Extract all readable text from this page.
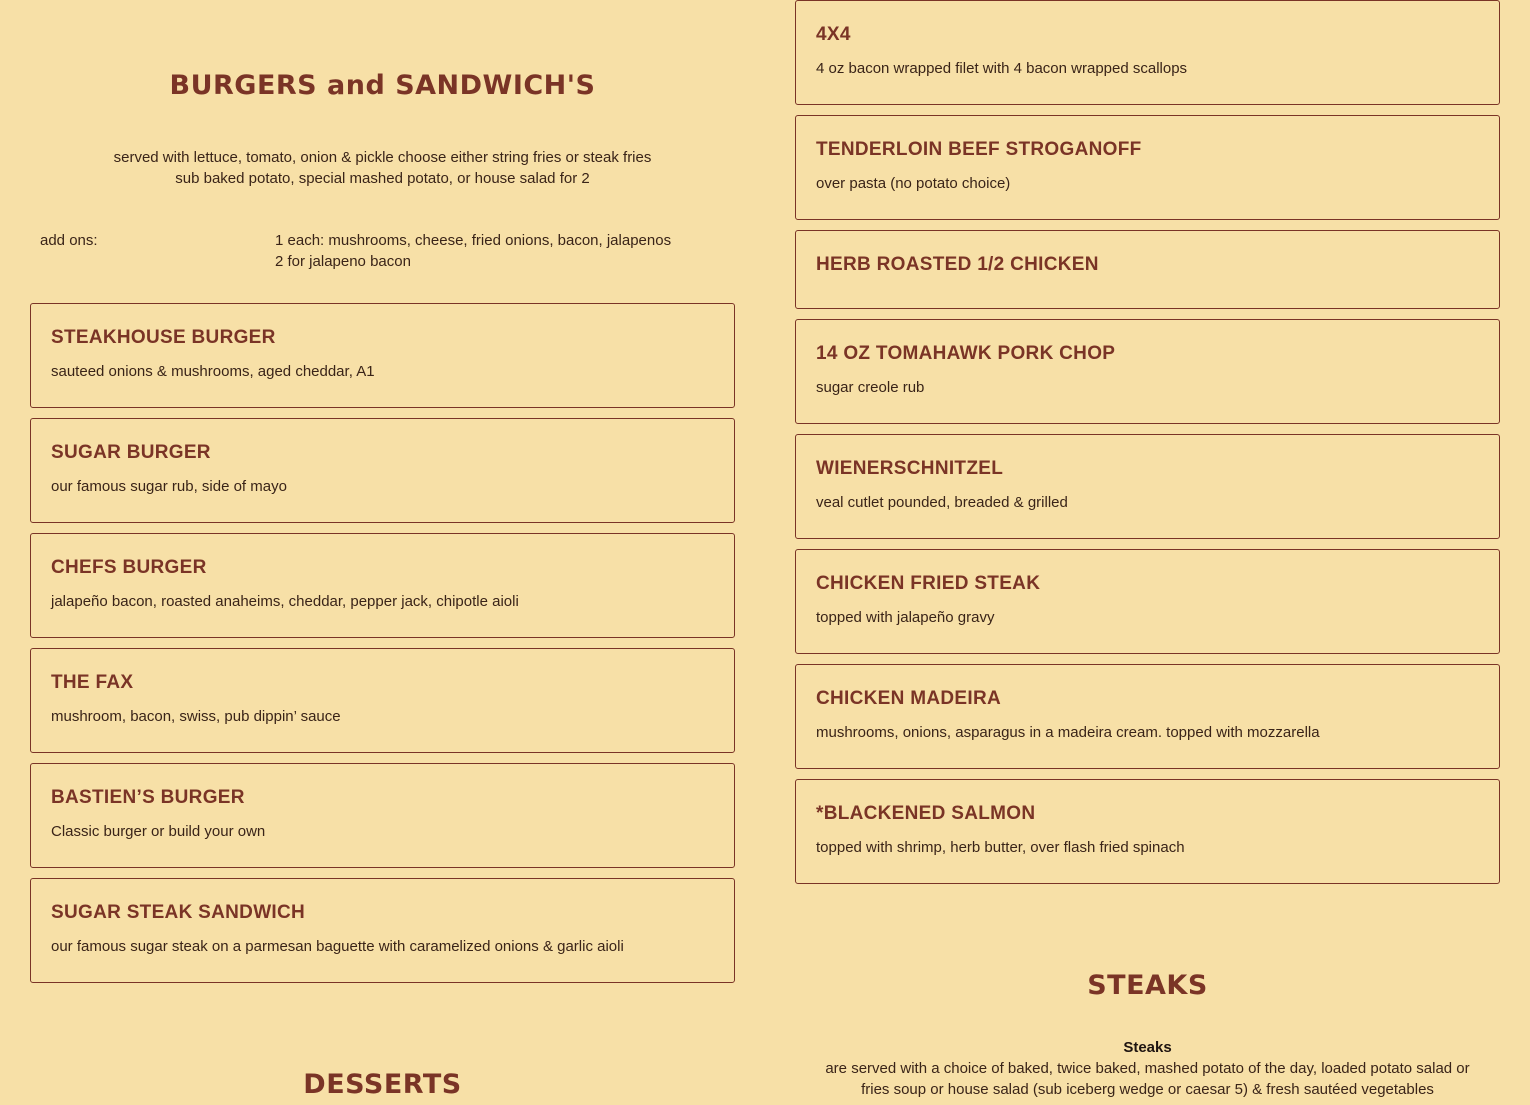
BURGERS and SANDWICH'S
served with lettuce, tomato, onion & pickle choose either string fries or steak fries
sub baked potato, special mashed potato, or house salad for 2
add ons:	1 each: mushrooms, cheese, fried onions, bacon, jalapenos
2 for jalapeno bacon
STEAKHOUSE BURGER
sauteed onions & mushrooms, aged cheddar, A1
SUGAR BURGER
our famous sugar rub, side of mayo
CHEFS BURGER
jalapeño bacon, roasted anaheims, cheddar, pepper jack, chipotle aioli
THE FAX
mushroom, bacon, swiss, pub dippin’ sauce
BASTIEN’S BURGER
Classic burger or build your own
SUGAR STEAK SANDWICH
our famous sugar steak on a parmesan baguette with caramelized onions & garlic aioli
DESSERTS
4X4
4 oz bacon wrapped filet with 4 bacon wrapped scallops
TENDERLOIN BEEF STROGANOFF
over pasta (no potato choice)
HERB ROASTED 1/2 CHICKEN
14 OZ TOMAHAWK PORK CHOP
sugar creole rub
WIENERSCHNITZEL
veal cutlet pounded, breaded & grilled
CHICKEN FRIED STEAK
topped with jalapeño gravy
CHICKEN MADEIRA
mushrooms, onions, asparagus in a madeira cream. topped with mozzarella
*BLACKENED SALMON
topped with shrimp, herb butter, over flash fried spinach
STEAKS
Steaks
are served with a choice of baked, twice baked, mashed potato of the day, loaded potato salad or
fries soup or house salad (sub iceberg wedge or caesar 5) & fresh sautéed vegetables
